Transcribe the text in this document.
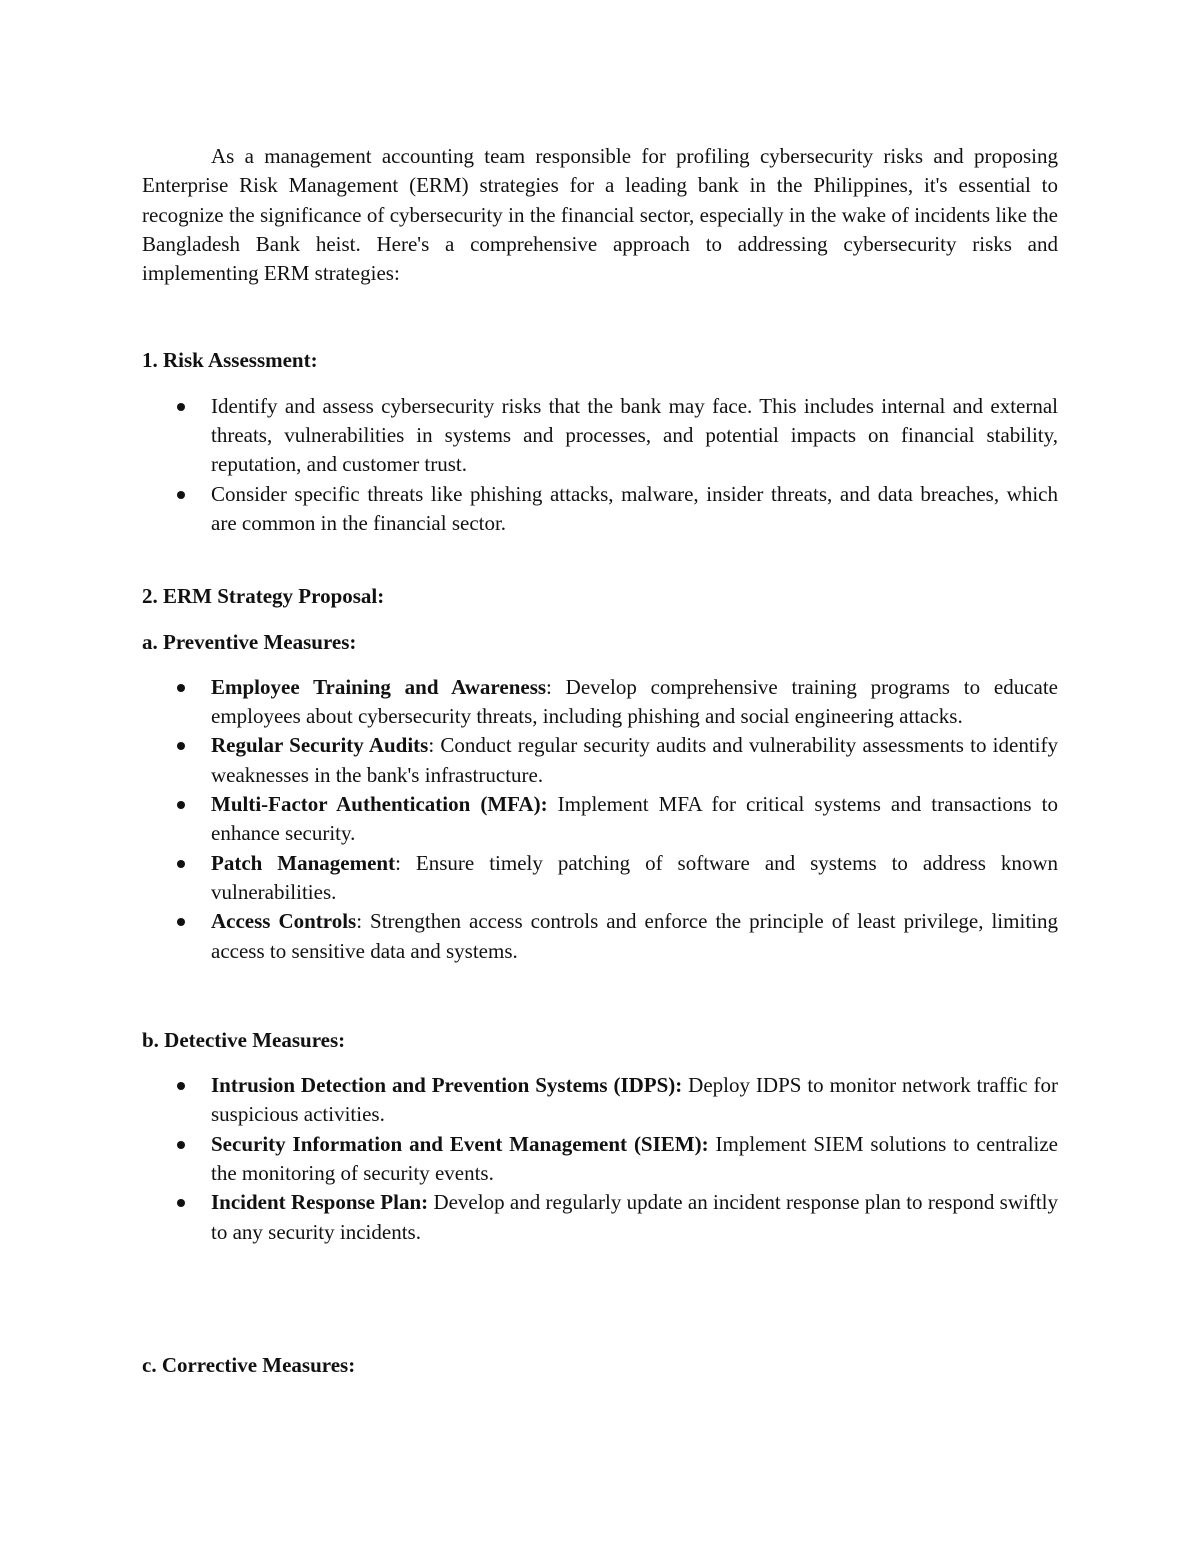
As a management accounting team responsible for profiling cybersecurity risks and proposing Enterprise Risk Management (ERM) strategies for a leading bank in the Philippines, it's essential to recognize the significance of cybersecurity in the financial sector, especially in the wake of incidents like the Bangladesh Bank heist. Here's a comprehensive approach to addressing cybersecurity risks and implementing ERM strategies:

1. Risk Assessment:

Identify and assess cybersecurity risks that the bank may face. This includes internal and external threats, vulnerabilities in systems and processes, and potential impacts on financial stability, reputation, and customer trust.
Consider specific threats like phishing attacks, malware, insider threats, and data breaches, which are common in the financial sector.

2. ERM Strategy Proposal:

a. Preventive Measures:

Employee Training and Awareness: Develop comprehensive training programs to educate employees about cybersecurity threats, including phishing and social engineering attacks.
Regular Security Audits: Conduct regular security audits and vulnerability assessments to identify weaknesses in the bank's infrastructure.
Multi-Factor Authentication (MFA): Implement MFA for critical systems and transactions to enhance security.
Patch Management: Ensure timely patching of software and systems to address known vulnerabilities.
Access Controls: Strengthen access controls and enforce the principle of least privilege, limiting access to sensitive data and systems.

b. Detective Measures:

Intrusion Detection and Prevention Systems (IDPS): Deploy IDPS to monitor network traffic for suspicious activities.
Security Information and Event Management (SIEM): Implement SIEM solutions to centralize the monitoring of security events.
Incident Response Plan: Develop and regularly update an incident response plan to respond swiftly to any security incidents.

c. Corrective Measures:
